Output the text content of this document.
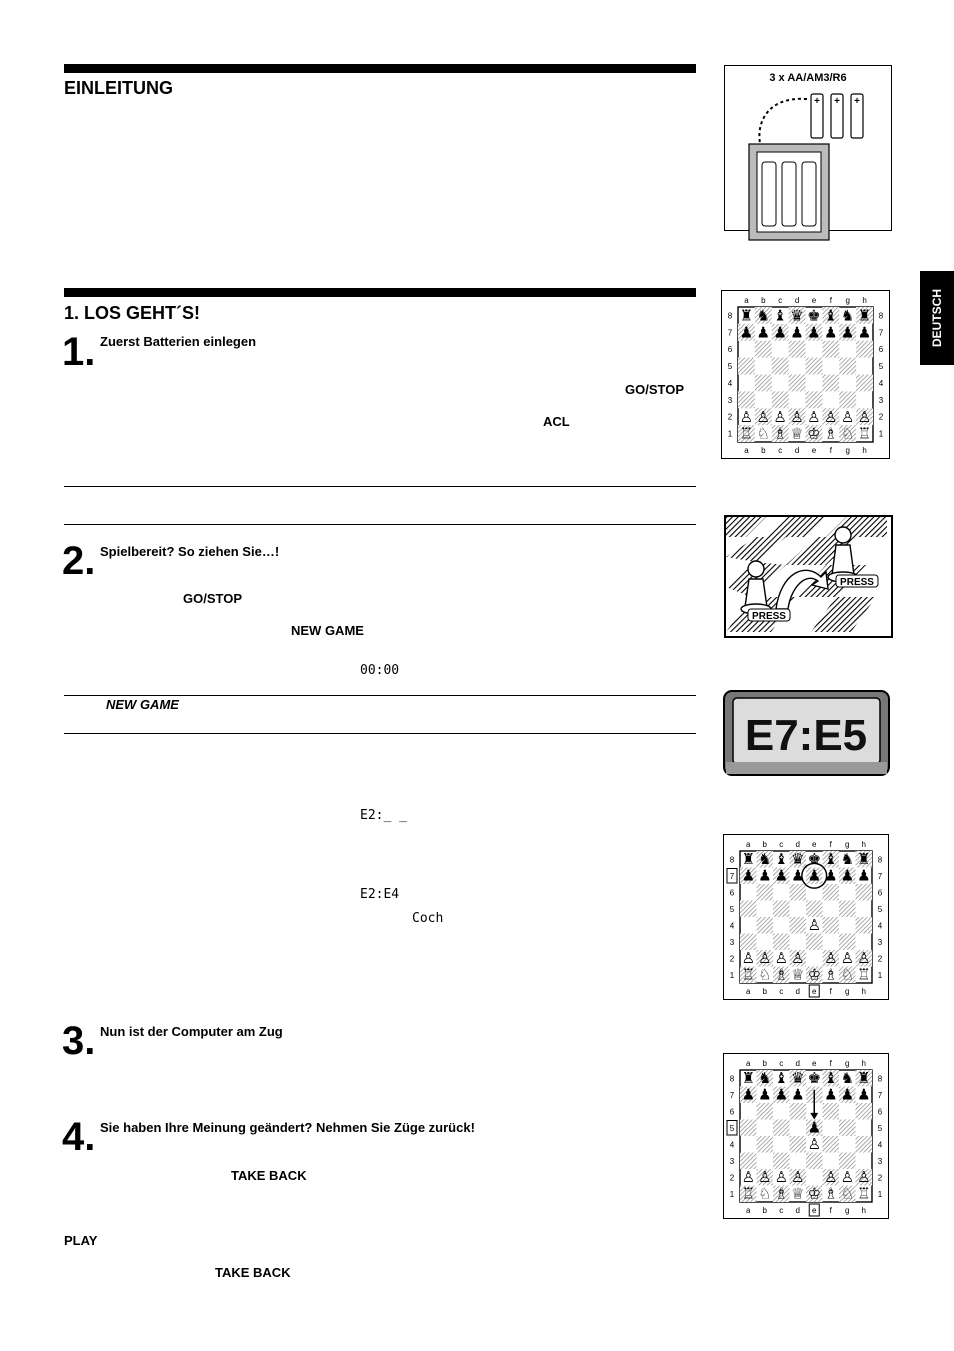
EINLEITUNG
1. LOS GEHT´S!
1. Zuerst Batterien einlegen
GO/STOP
ACL
2. Spielbereit? So ziehen Sie…!
GO/STOP
NEW GAME
00:00
NEW GAME
E2:_ _
E2:E4
Coch
3. Nun ist der Computer am Zug
4. Sie haben Ihre Meinung geändert? Nehmen Sie Züge zurück!
TAKE BACK
PLAY
TAKE BACK
DEUTSCH
3 x AA/AM3/R6
+ + +
a
a
b
b
c
c
d
d
e
e
f
f
g
g
h
h
8	8
7	7
6	6
5	5
4	4
3	3
2	2
1	1
♜
♟
♙
♖
♞
♟
♙
♘
♝
♟
♙
♗
♛
♟
♙
♕
♚
♟
♙
♔
♝
♟
♙
♗
♞
♟
♙
♘
♜
♟
♙
♖
PRESS
PRESS
E7:E5
a
a
b
b
c
c
d
d
e
e
f
f
g
g
h
h
8	8
7	7
6	6
5	5
4	4
3	3
2	2
1	1
♜
♟
♙
♖
♞
♟
♙
♘
♝
♟
♙
♗
♛
♟
♙
♕
♚
♟
♔
♝
♟
♙
♗
♞
♟
♙
♘
♜
♟
♙
♖
♙
a
a
b
b
c
c
d
d
e
e
f
f
g
g
h
h
8	8
7	7
6	6
5	5
4	4
3	3
2	2
1	1
♜
♟
♙
♖
♞
♟
♙
♘
♝
♟
♙
♗
♛
♟
♙
♕
♚
♔
♝
♟
♙
♗
♞
♟
♙
♘
♜
♟
♙
♖
♙
♟
